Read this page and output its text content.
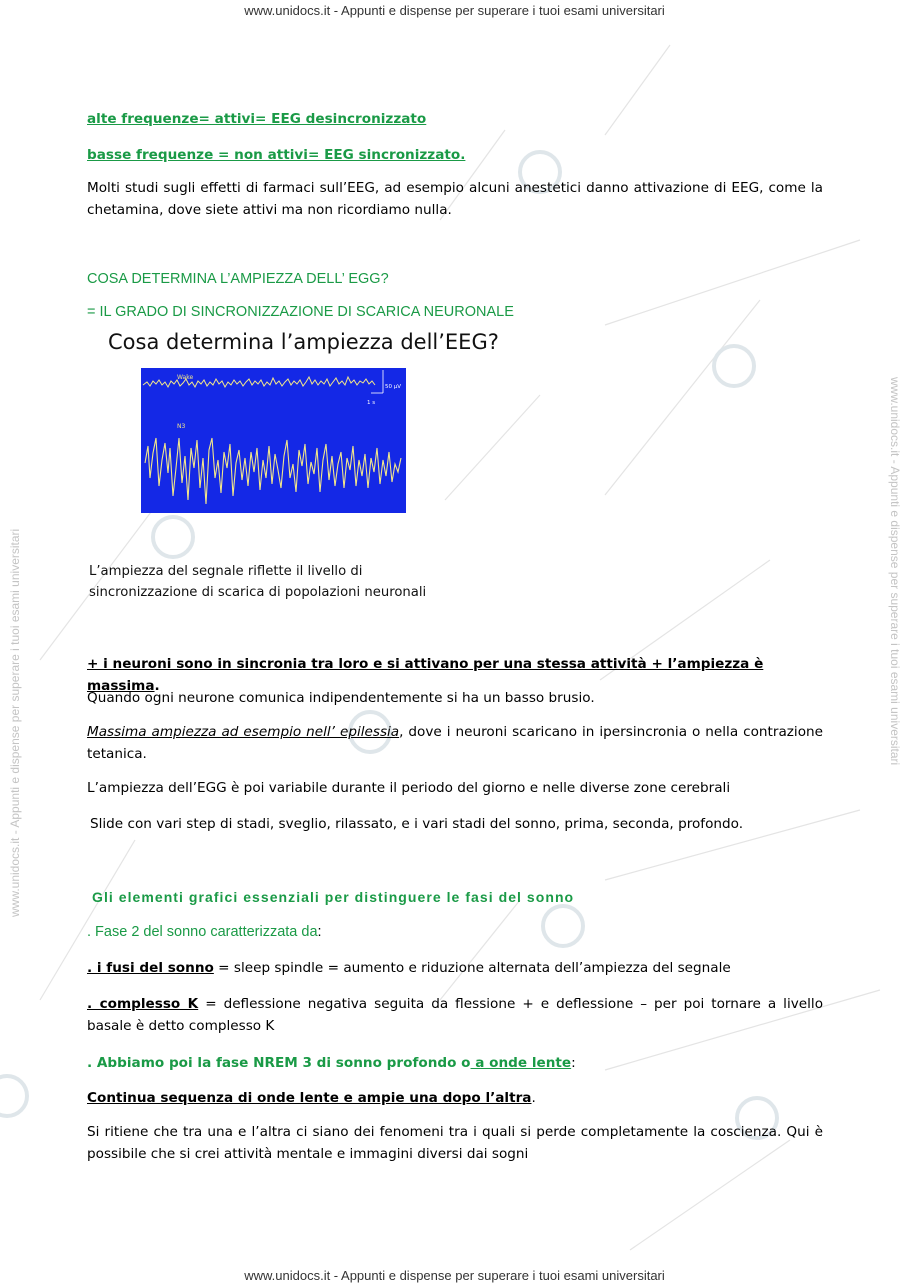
www.unidocs.it - Appunti e dispense per superare i tuoi esami universitari
www.unidocs.it - Appunti e dispense per superare i tuoi esami universitari
www.unidocs.it - Appunti e dispense per superare i tuoi esami universitari	www.unidocs.it - Appunti e dispense per superare i tuoi esami universitari

alte frequenze= attivi= EEG desincronizzato

basse frequenze = non attivi= EEG sincronizzato.

Molti studi sugli effetti di farmaci sull’EEG, ad esempio alcuni anestetici danno attivazione di EEG, come la chetamina, dove siete attivi ma non ricordiamo nulla.

COSA DETERMINA L’AMPIEZZA DELL’ EGG?

= IL GRADO DI SINCRONIZZAZIONE DI SCARICA NEURONALE

Cosa determina l’ampiezza dell’EEG?
Wake
50 µV
1 s
N3
L’ampiezza del segnale riflette il livello di
sincronizzazione di scarica di popolazioni neuronali

+ i neuroni sono in sincronia tra loro e si attivano per una stessa attività + l’ampiezza è massima.

Quando ogni neurone comunica indipendentemente si ha un basso brusio.

Massima ampiezza ad esempio nell’ epilessia, dove i neuroni scaricano in ipersincronia o nella contrazione tetanica.

L’ampiezza dell’EGG è poi variabile durante il periodo del giorno e nelle diverse zone cerebrali

Slide con vari step di stadi, sveglio, rilassato, e i vari stadi del sonno, prima, seconda, profondo.

Gli elementi grafici essenziali per distinguere le fasi del sonno

. Fase 2 del sonno caratterizzata da:

. i fusi del sonno = sleep spindle = aumento e riduzione alternata dell’ampiezza del segnale

. complesso K = deflessione negativa seguita da flessione + e deflessione – per poi tornare a livello basale è detto complesso K

. Abbiamo poi la fase NREM 3 di sonno profondo o a onde lente:

Continua sequenza di onde lente e ampie una dopo l’altra.

Si ritiene che tra una e l’altra ci siano dei fenomeni tra i quali si perde completamente la coscienza. Qui è possibile che si crei attività mentale e immagini diversi dai sogni
